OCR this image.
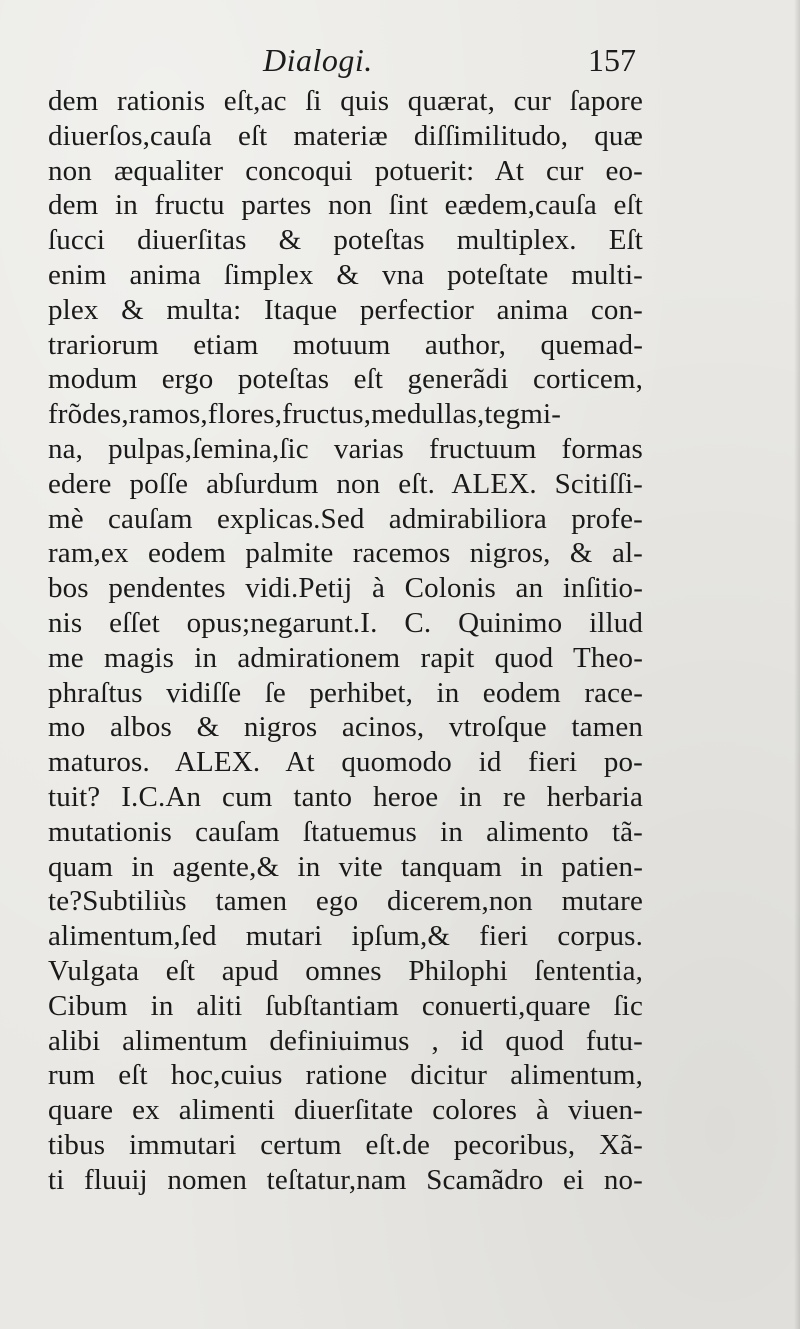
Dialogi.	157
dem rationis eſt,ac ſi quis quærat, cur ſapore
diuerſos,cauſa eſt materiæ diſſimilitudo, quæ
non æqualiter concoqui potuerit: At cur eo-
dem in fructu partes non ſint eædem,cauſa eſt
ſucci diuerſitas & poteſtas multiplex. Eſt
enim anima ſimplex & vna poteſtate multi-
plex & multa: Itaque perfectior anima con-
trariorum etiam motuum author, quemad-
modum ergo poteſtas eſt generãdi corticem,
frõdes,ramos,flores,fructus,medullas,tegmi-
na, pulpas,ſemina,ſic varias fructuum formas
edere poſſe abſurdum non eſt. ALEX. Scitiſſi-
mè cauſam explicas.Sed admirabiliora profe-
ram,ex eodem palmite racemos nigros, & al-
bos pendentes vidi.Petij à Colonis an inſitio-
nis eſſet opus;negarunt.I. C. Quinimo illud
me magis in admirationem rapit quod Theo-
phraſtus vidiſſe ſe perhibet, in eodem race-
mo albos & nigros acinos, vtroſque tamen
maturos. ALEX. At quomodo id fieri po-
tuit? I.C.An cum tanto heroe in re herbaria
mutationis cauſam ſtatuemus in alimento tã-
quam in agente,& in vite tanquam in patien-
te?Subtiliùs tamen ego dicerem,non mutare
alimentum,ſed mutari ipſum,& fieri corpus.
Vulgata eſt apud omnes Philophi ſententia,
Cibum in aliti ſubſtantiam conuerti,quare ſic
alibi alimentum definiuimus , id quod futu-
rum eſt hoc,cuius ratione dicitur alimentum,
quare ex alimenti diuerſitate colores à viuen-
tibus immutari certum eſt.de pecoribus, Xã-
ti fluuij nomen teſtatur,nam Scamãdro ei no-
